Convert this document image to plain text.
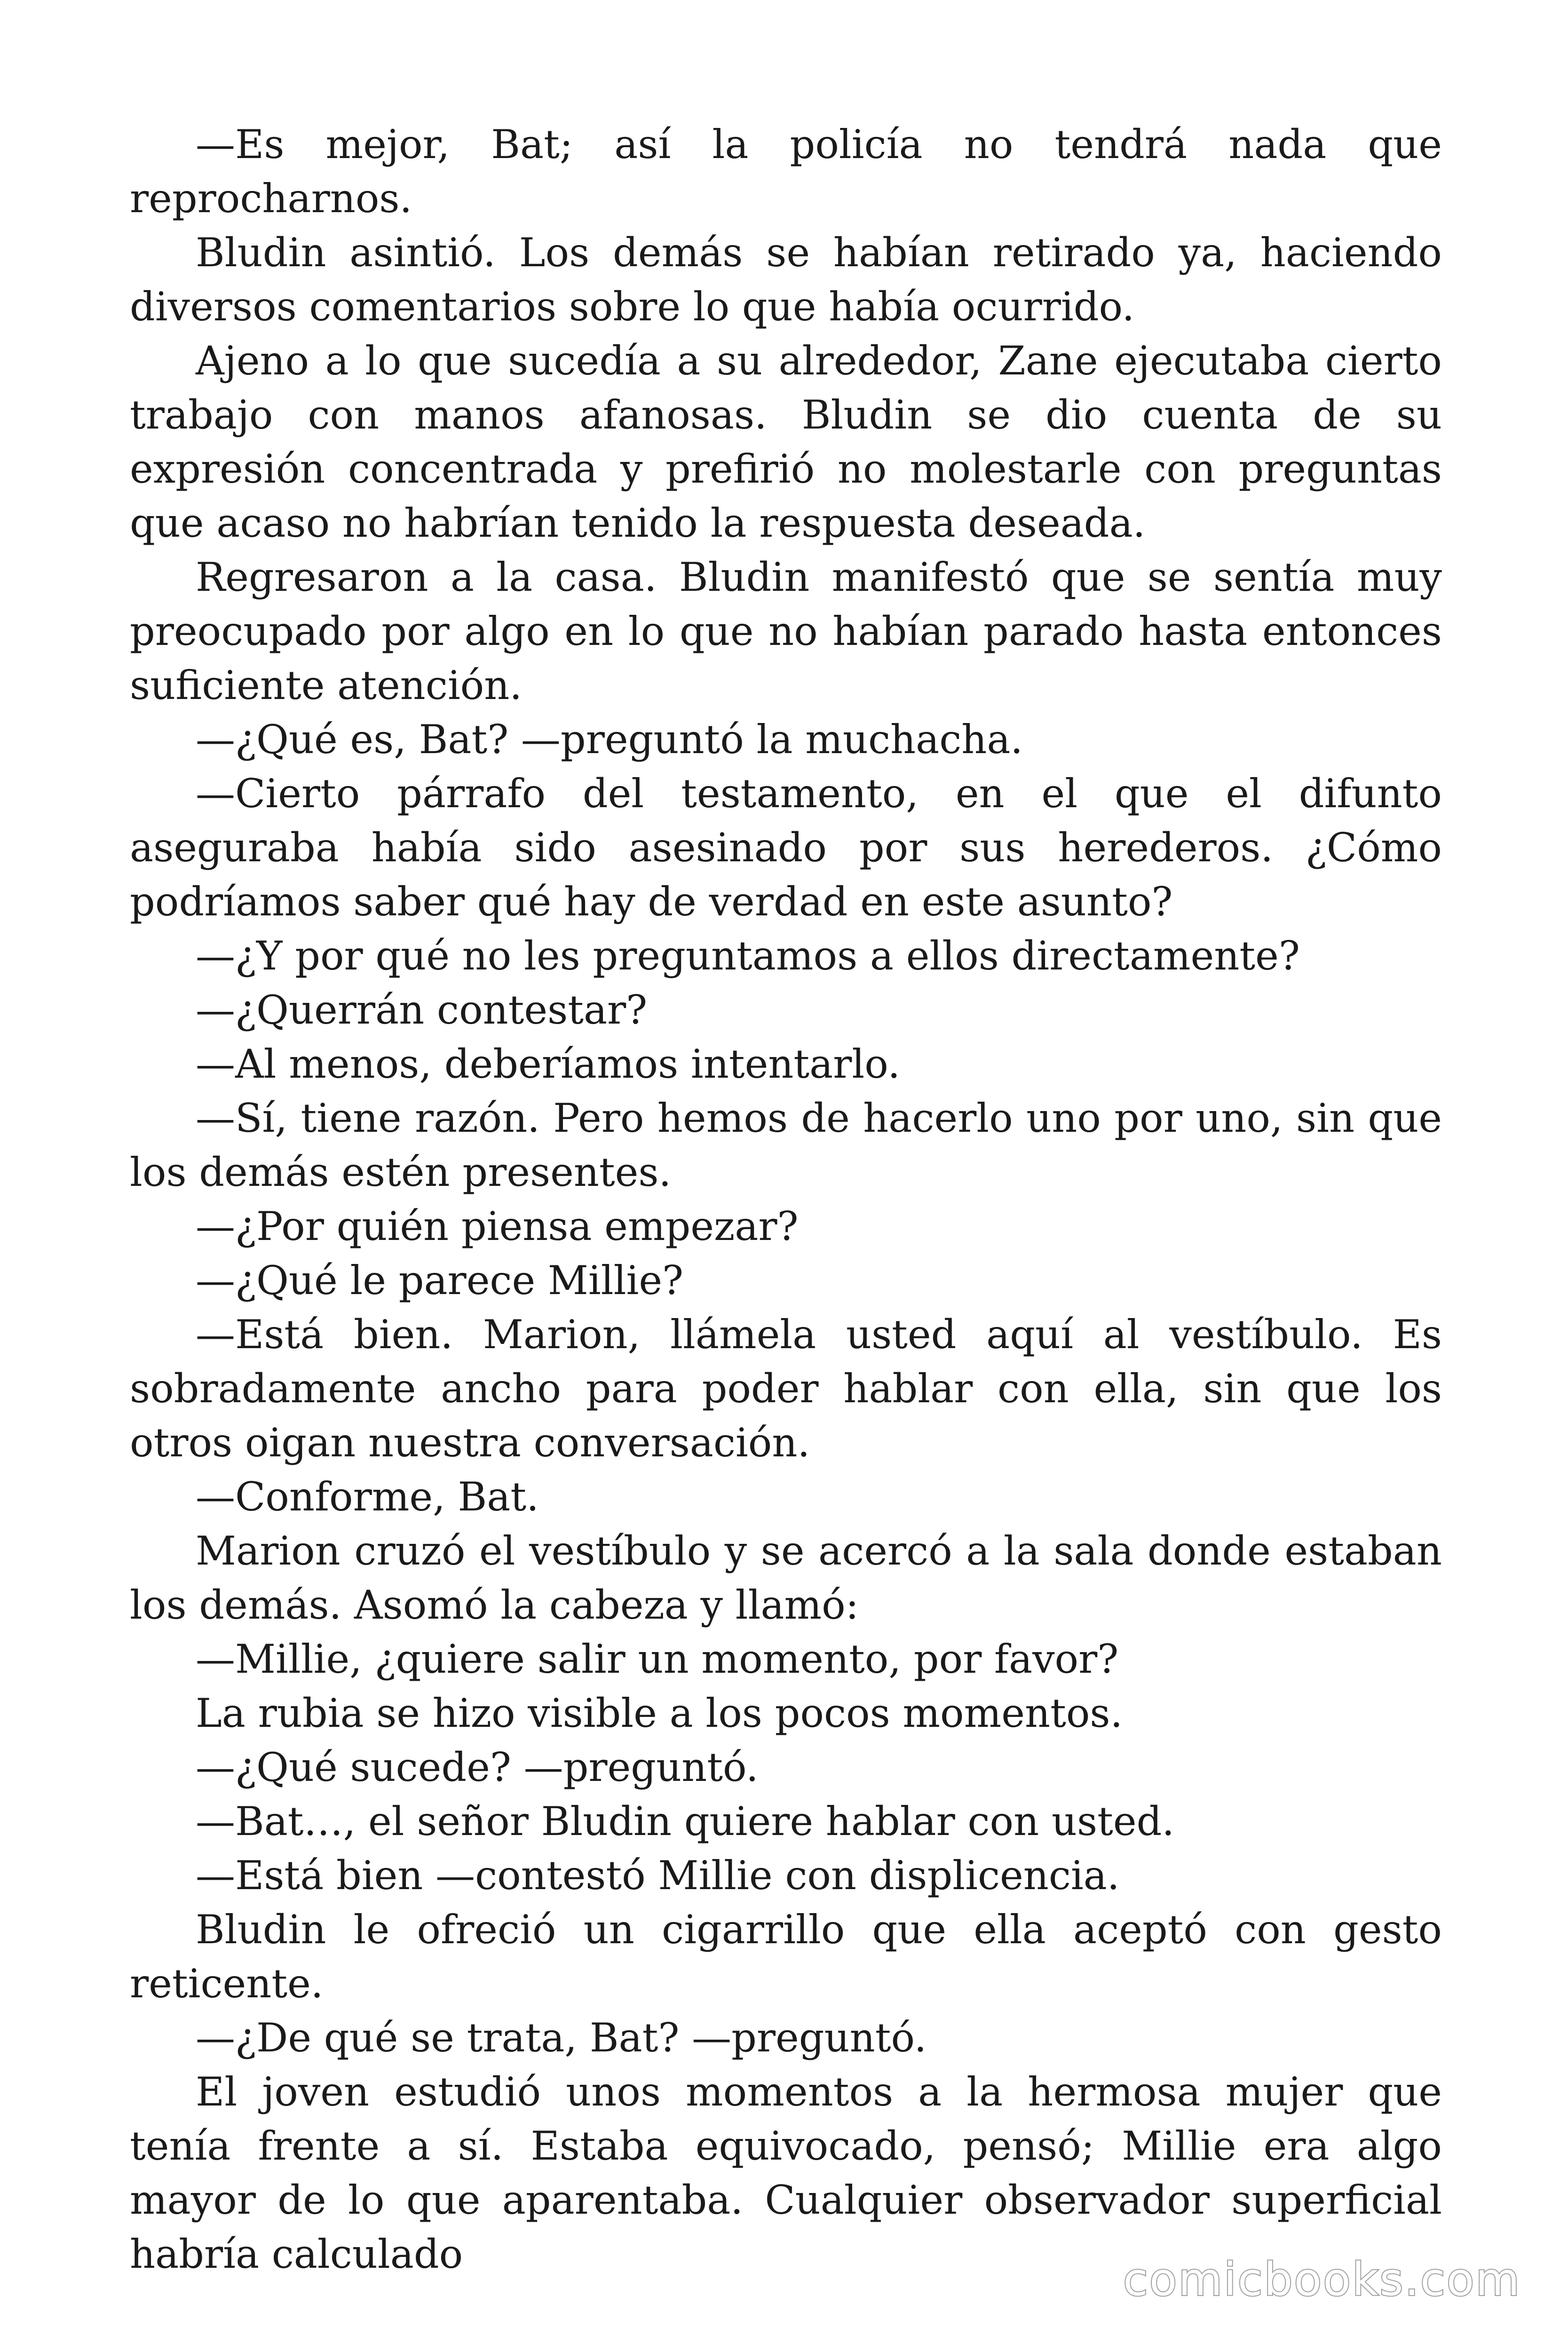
—Es mejor, Bat; así la policía no tendrá nada que reprocharnos.

Bludin asintió. Los demás se habían retirado ya, haciendo diversos comentarios sobre lo que había ocurrido.

Ajeno a lo que sucedía a su alrededor, Zane ejecutaba cierto trabajo con manos afanosas. Bludin se dio cuenta de su expresión concentrada y prefirió no molestarle con preguntas que acaso no habrían tenido la respuesta deseada.

Regresaron a la casa. Bludin manifestó que se sentía muy preocupado por algo en lo que no habían parado hasta entonces suficiente atención.

—¿Qué es, Bat? —preguntó la muchacha.

—Cierto párrafo del testamento, en el que el difunto aseguraba había sido asesinado por sus herederos. ¿Cómo podríamos saber qué hay de verdad en este asunto?

—¿Y por qué no les preguntamos a ellos directamente?

—¿Querrán contestar?

—Al menos, deberíamos intentarlo.

—Sí, tiene razón. Pero hemos de hacerlo uno por uno, sin que los demás estén presentes.

—¿Por quién piensa empezar?

—¿Qué le parece Millie?

—Está bien. Marion, llámela usted aquí al vestíbulo. Es sobradamente ancho para poder hablar con ella, sin que los otros oigan nuestra conversación.

—Conforme, Bat.

Marion cruzó el vestíbulo y se acercó a la sala donde estaban los demás. Asomó la cabeza y llamó:

—Millie, ¿quiere salir un momento, por favor?

La rubia se hizo visible a los pocos momentos.

—¿Qué sucede? —preguntó.

—Bat…, el señor Bludin quiere hablar con usted.

—Está bien —contestó Millie con displicencia.

Bludin le ofreció un cigarrillo que ella aceptó con gesto reticente.

—¿De qué se trata, Bat? —preguntó.

El joven estudió unos momentos a la hermosa mujer que tenía frente a sí. Estaba equivocado, pensó; Millie era algo mayor de lo que aparentaba. Cualquier observador superficial habría calculado	comicbooks.com
